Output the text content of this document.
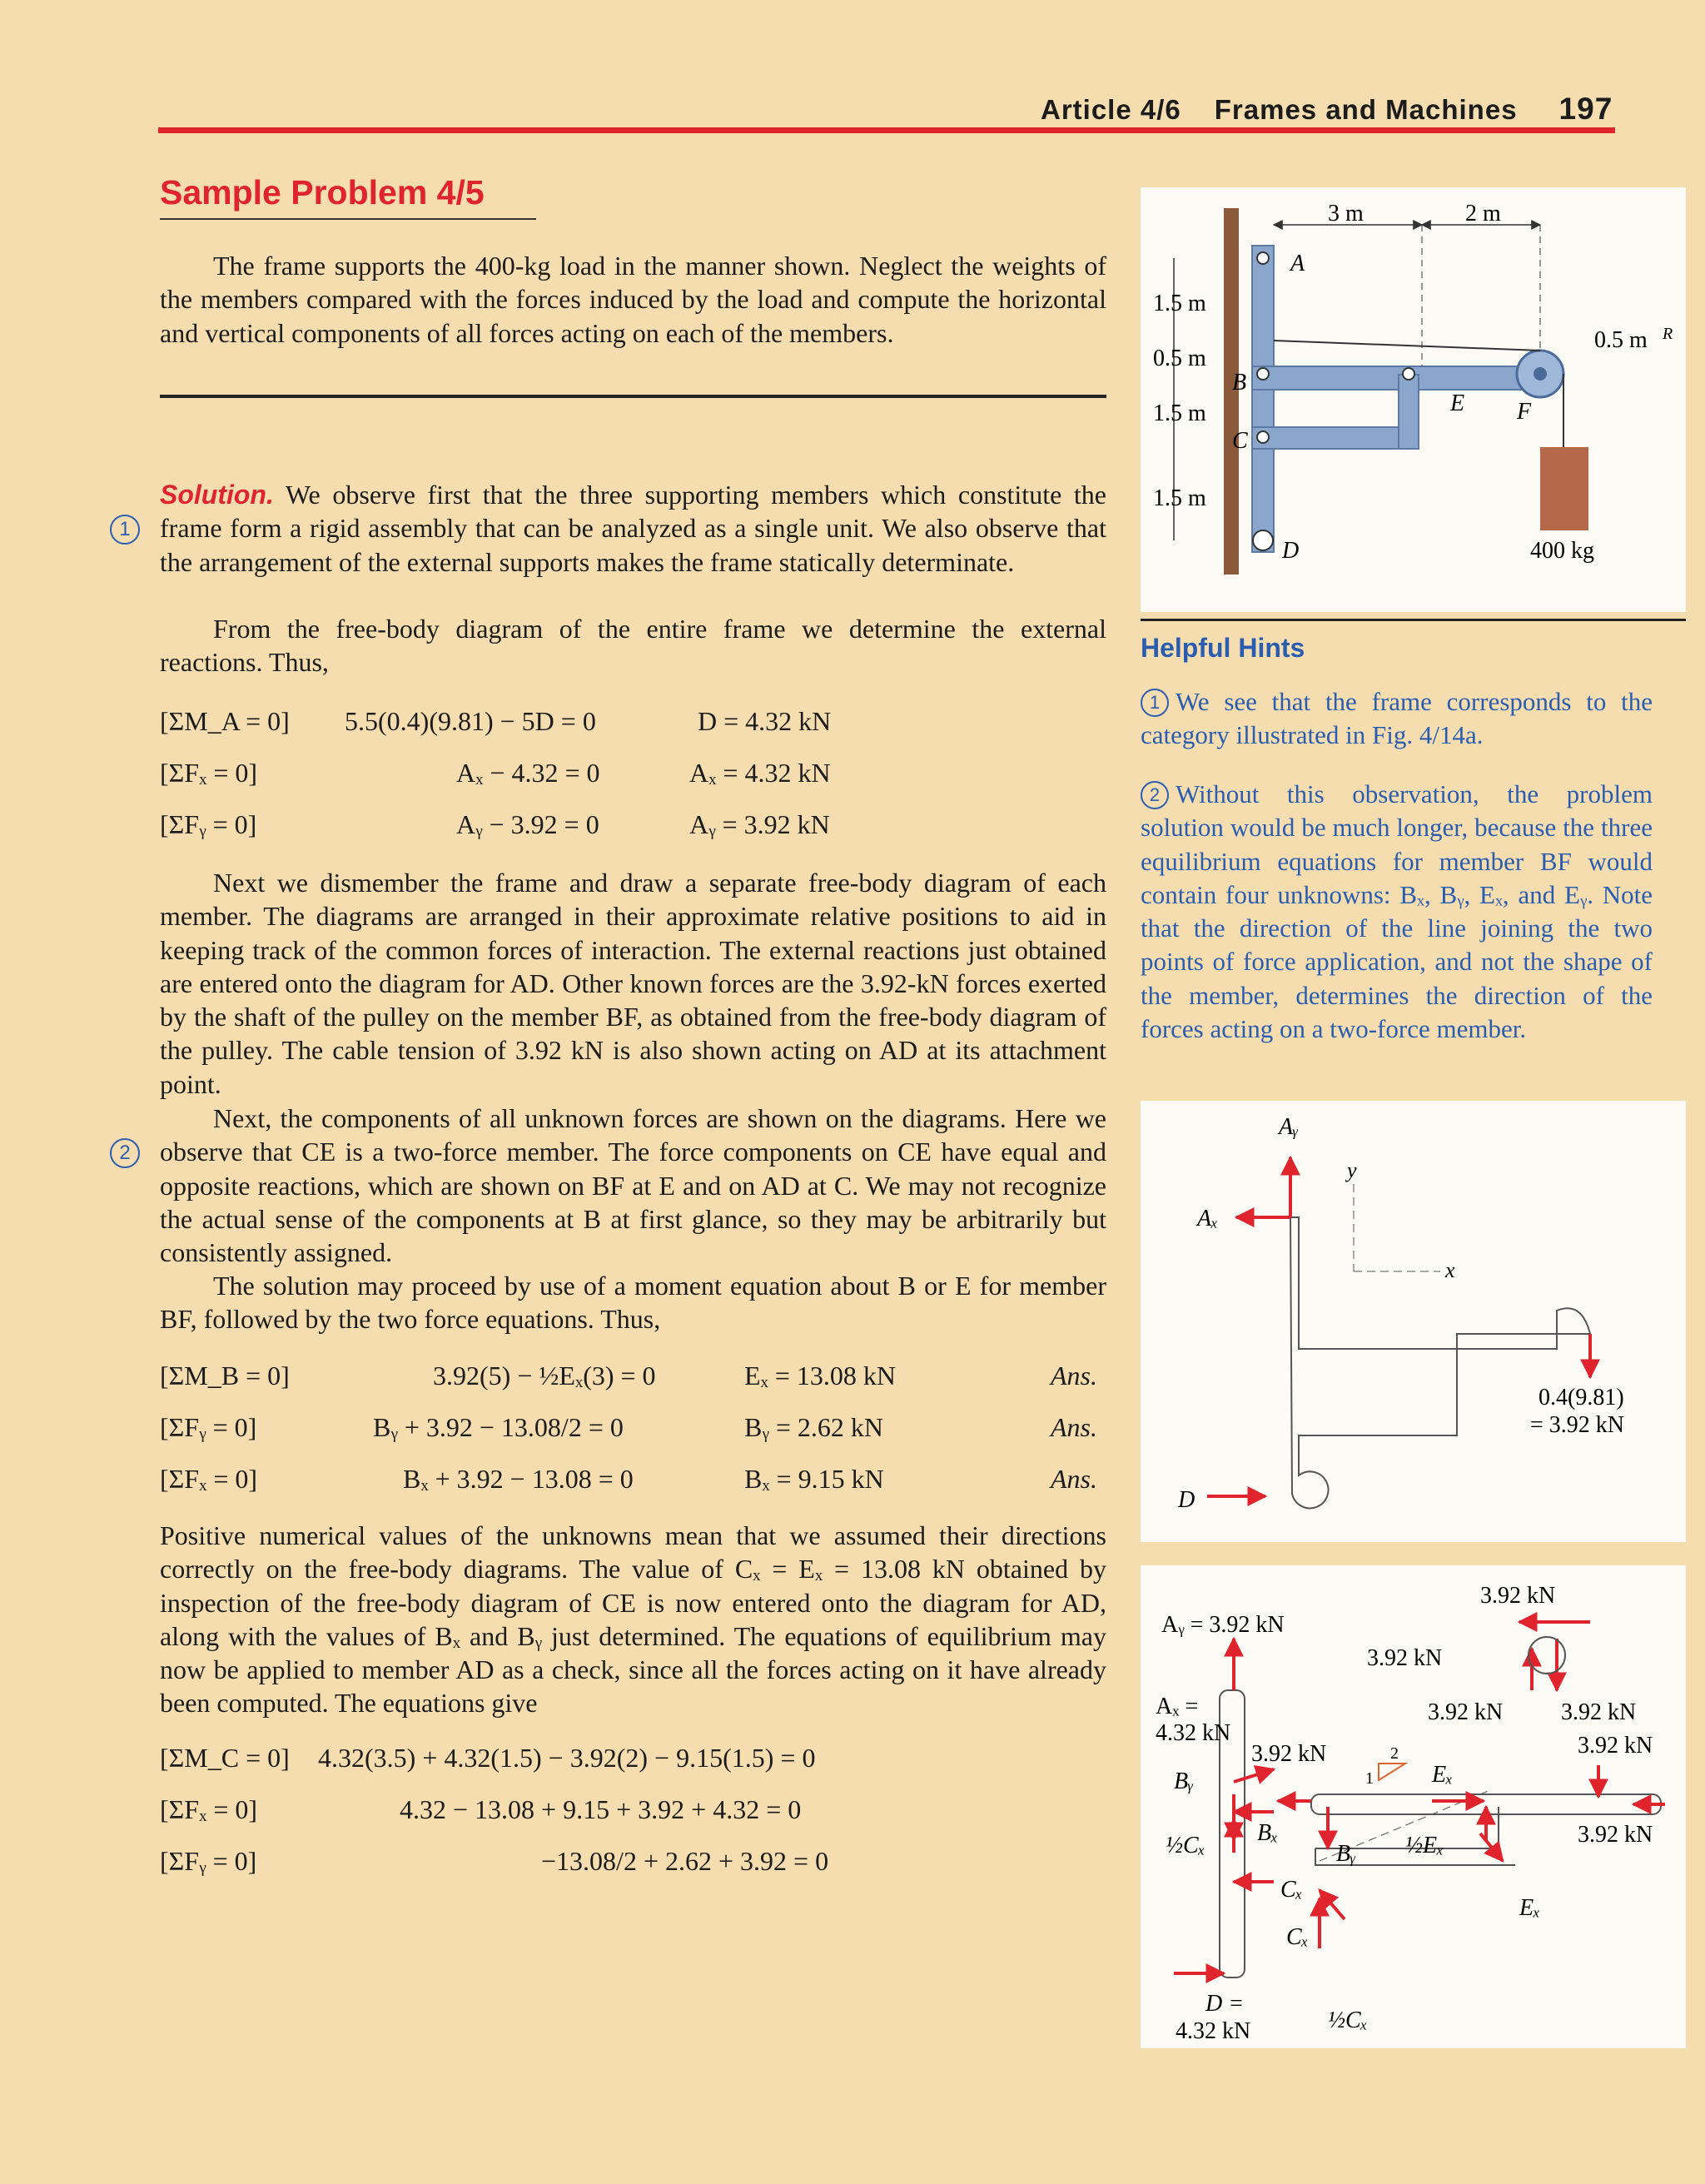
Article 4/6 Frames and Machines 197
Sample Problem 4/5
The frame supports the 400-kg load in the manner shown. Neglect the weights of the members compared with the forces induced by the load and compute the horizontal and vertical components of all forces acting on each of the members.
Solution. We observe first that the three supporting members which constitute the frame form a rigid assembly that can be analyzed as a single unit. We also observe that the arrangement of the external supports makes the frame statically determinate.
1
From the free-body diagram of the entire frame we determine the external reactions. Thus,
[ΣM_A = 0] 5.5(0.4)(9.81) − 5D = 0	D = 4.32 kN
[ΣFₓ = 0]	Aₓ − 4.32 = 0	Aₓ = 4.32 kN
[ΣFᵧ = 0]	Aᵧ − 3.92 = 0	Aᵧ = 3.92 kN
Next we dismember the frame and draw a separate free-body diagram of each member. The diagrams are arranged in their approximate relative positions to aid in keeping track of the common forces of interaction. The external reactions just obtained are entered onto the diagram for AD. Other known forces are the 3.92-kN forces exerted by the shaft of the pulley on the member BF, as obtained from the free-body diagram of the pulley. The cable tension of 3.92 kN is also shown acting on AD at its attachment point.
Next, the components of all unknown forces are shown on the diagrams. Here we observe that CE is a two-force member. The force components on CE have equal and opposite reactions, which are shown on BF at E and on AD at C. We may not recognize the actual sense of the components at B at first glance, so they may be arbitrarily but consistently assigned.
2
The solution may proceed by use of a moment equation about B or E for member BF, followed by the two force equations. Thus,
[ΣM_B = 0]	3.92(5) − ½Eₓ(3) = 0	Eₓ = 13.08 kN	Ans.
[ΣFᵧ = 0]	Bᵧ + 3.92 − 13.08/2 = 0	Bᵧ = 2.62 kN	Ans.
[ΣFₓ = 0]	Bₓ + 3.92 − 13.08 = 0	Bₓ = 9.15 kN	Ans.
Positive numerical values of the unknowns mean that we assumed their directions correctly on the free-body diagrams. The value of Cₓ = Eₓ = 13.08 kN obtained by inspection of the free-body diagram of CE is now entered onto the diagram for AD, along with the values of Bₓ and Bᵧ just determined. The equations of equilibrium may now be applied to member AD as a check, since all the forces acting on it have already been computed. The equations give
[ΣM_C = 0] 4.32(3.5) + 4.32(1.5) − 3.92(2) − 9.15(1.5) = 0
[ΣFₓ = 0]	4.32 − 13.08 + 9.15 + 3.92 + 4.32 = 0
[ΣFᵧ = 0]	−13.08/2 + 2.62 + 3.92 = 0
3 m	2 m
1.5 m
0.5 m
1.5 m
1.5 m
0.5 m R
400 kg
A
B
C
D
E F
Helpful Hints
1 We see that the frame corresponds to the category illustrated in Fig. 4/14a.
2 Without this observation, the problem solution would be much longer, because the three equilibrium equations for member BF would contain four unknowns: Bₓ, Bᵧ, Eₓ, and Eᵧ. Note that the direction of the line joining the two points of force application, and not the shape of the member, determines the direction of the forces acting on a two-force member.
Aᵧ
Aₓ
D
y
x
0.4(9.81)
= 3.92 kN
Aᵧ = 3.92 kN
Aₓ =
4.32 kN
3.92 kN
Bᵧ
Bₓ
½Cₓ
Cₓ
D =
4.32 kN
3.92 kN
3.92 kN
3.92 kN 3.92 kN
3.92 kN
3.92 kN
Eₓ
½Eₓ
Bᵧ
Cₓ
½Cₓ
Eₓ
1
2
